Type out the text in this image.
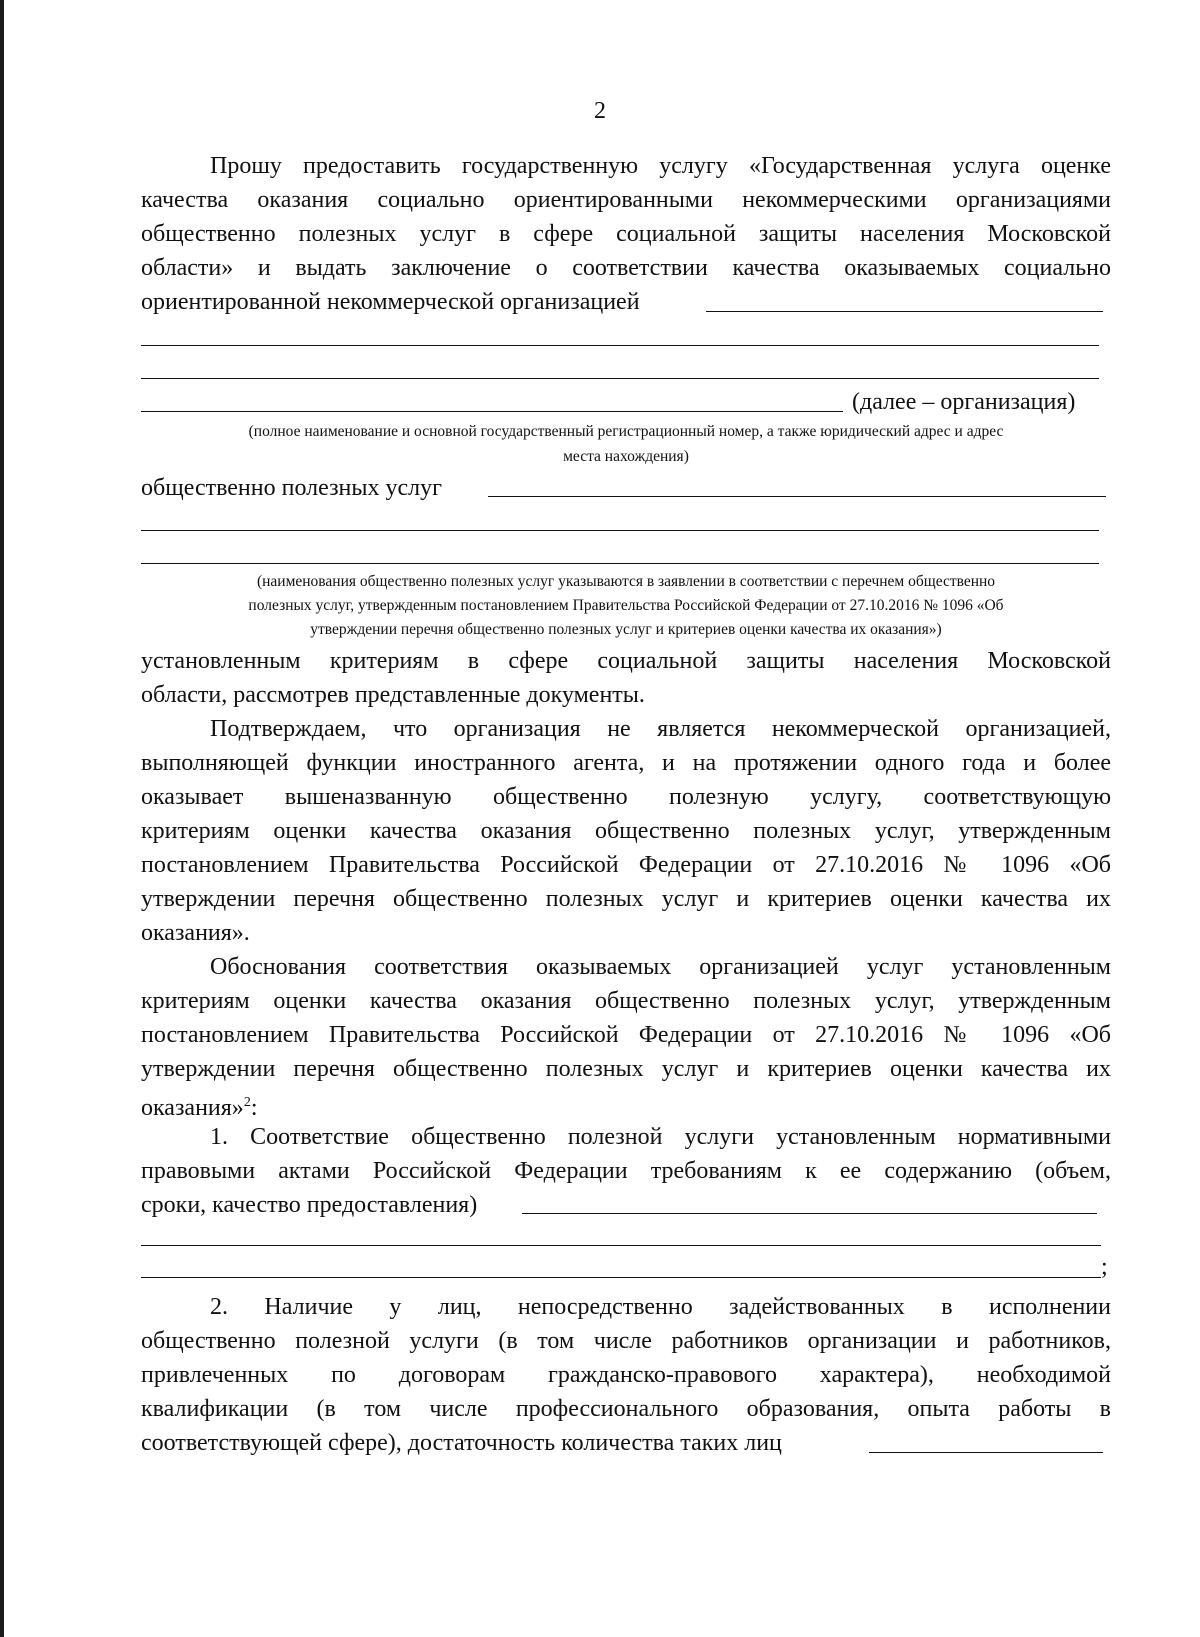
2
Прошу предоставить государственную услугу «Государственная услуга оценке
качества оказания социально ориентированными некоммерческими организациями
общественно полезных услуг в сфере социальной защиты населения Московской
области» и выдать заключение о соответствии качества оказываемых социально
ориентированной некоммерческой организацией
(далее – организация)
(полное наименование и основной государственный регистрационный номер, а также юридический адрес и адрес
места нахождения)
общественно полезных услуг
(наименования общественно полезных услуг указываются в заявлении в соответствии с перечнем общественно
полезных услуг, утвержденным постановлением Правительства Российской Федерации от 27.10.2016 № 1096 «Об
утверждении перечня общественно полезных услуг и критериев оценки качества их оказания»)
установленным критериям в сфере социальной защиты населения Московской
области, рассмотрев представленные документы.
Подтверждаем, что организация не является некоммерческой организацией,
выполняющей функции иностранного агента, и на протяжении одного года и более
оказывает вышеназванную общественно полезную услугу, соответствующую
критериям оценки качества оказания общественно полезных услуг, утвержденным
постановлением Правительства Российской Федерации от 27.10.2016 № 1096 «Об
утверждении перечня общественно полезных услуг и критериев оценки качества их
оказания».
Обоснования соответствия оказываемых организацией услуг установленным
критериям оценки качества оказания общественно полезных услуг, утвержденным
постановлением Правительства Российской Федерации от 27.10.2016 № 1096 «Об
утверждении перечня общественно полезных услуг и критериев оценки качества их
оказания»$^2$:
1. Соответствие общественно полезной услуги установленным нормативными
правовыми актами Российской Федерации требованиям к ее содержанию (объем,
сроки, качество предоставления)
;
2. Наличие у лиц, непосредственно задействованных в исполнении
общественно полезной услуги (в том числе работников организации и работников,
привлеченных по договорам гражданско-правового характера), необходимой
квалификации (в том числе профессионального образования, опыта работы в
соответствующей сфере), достаточность количества таких лиц
